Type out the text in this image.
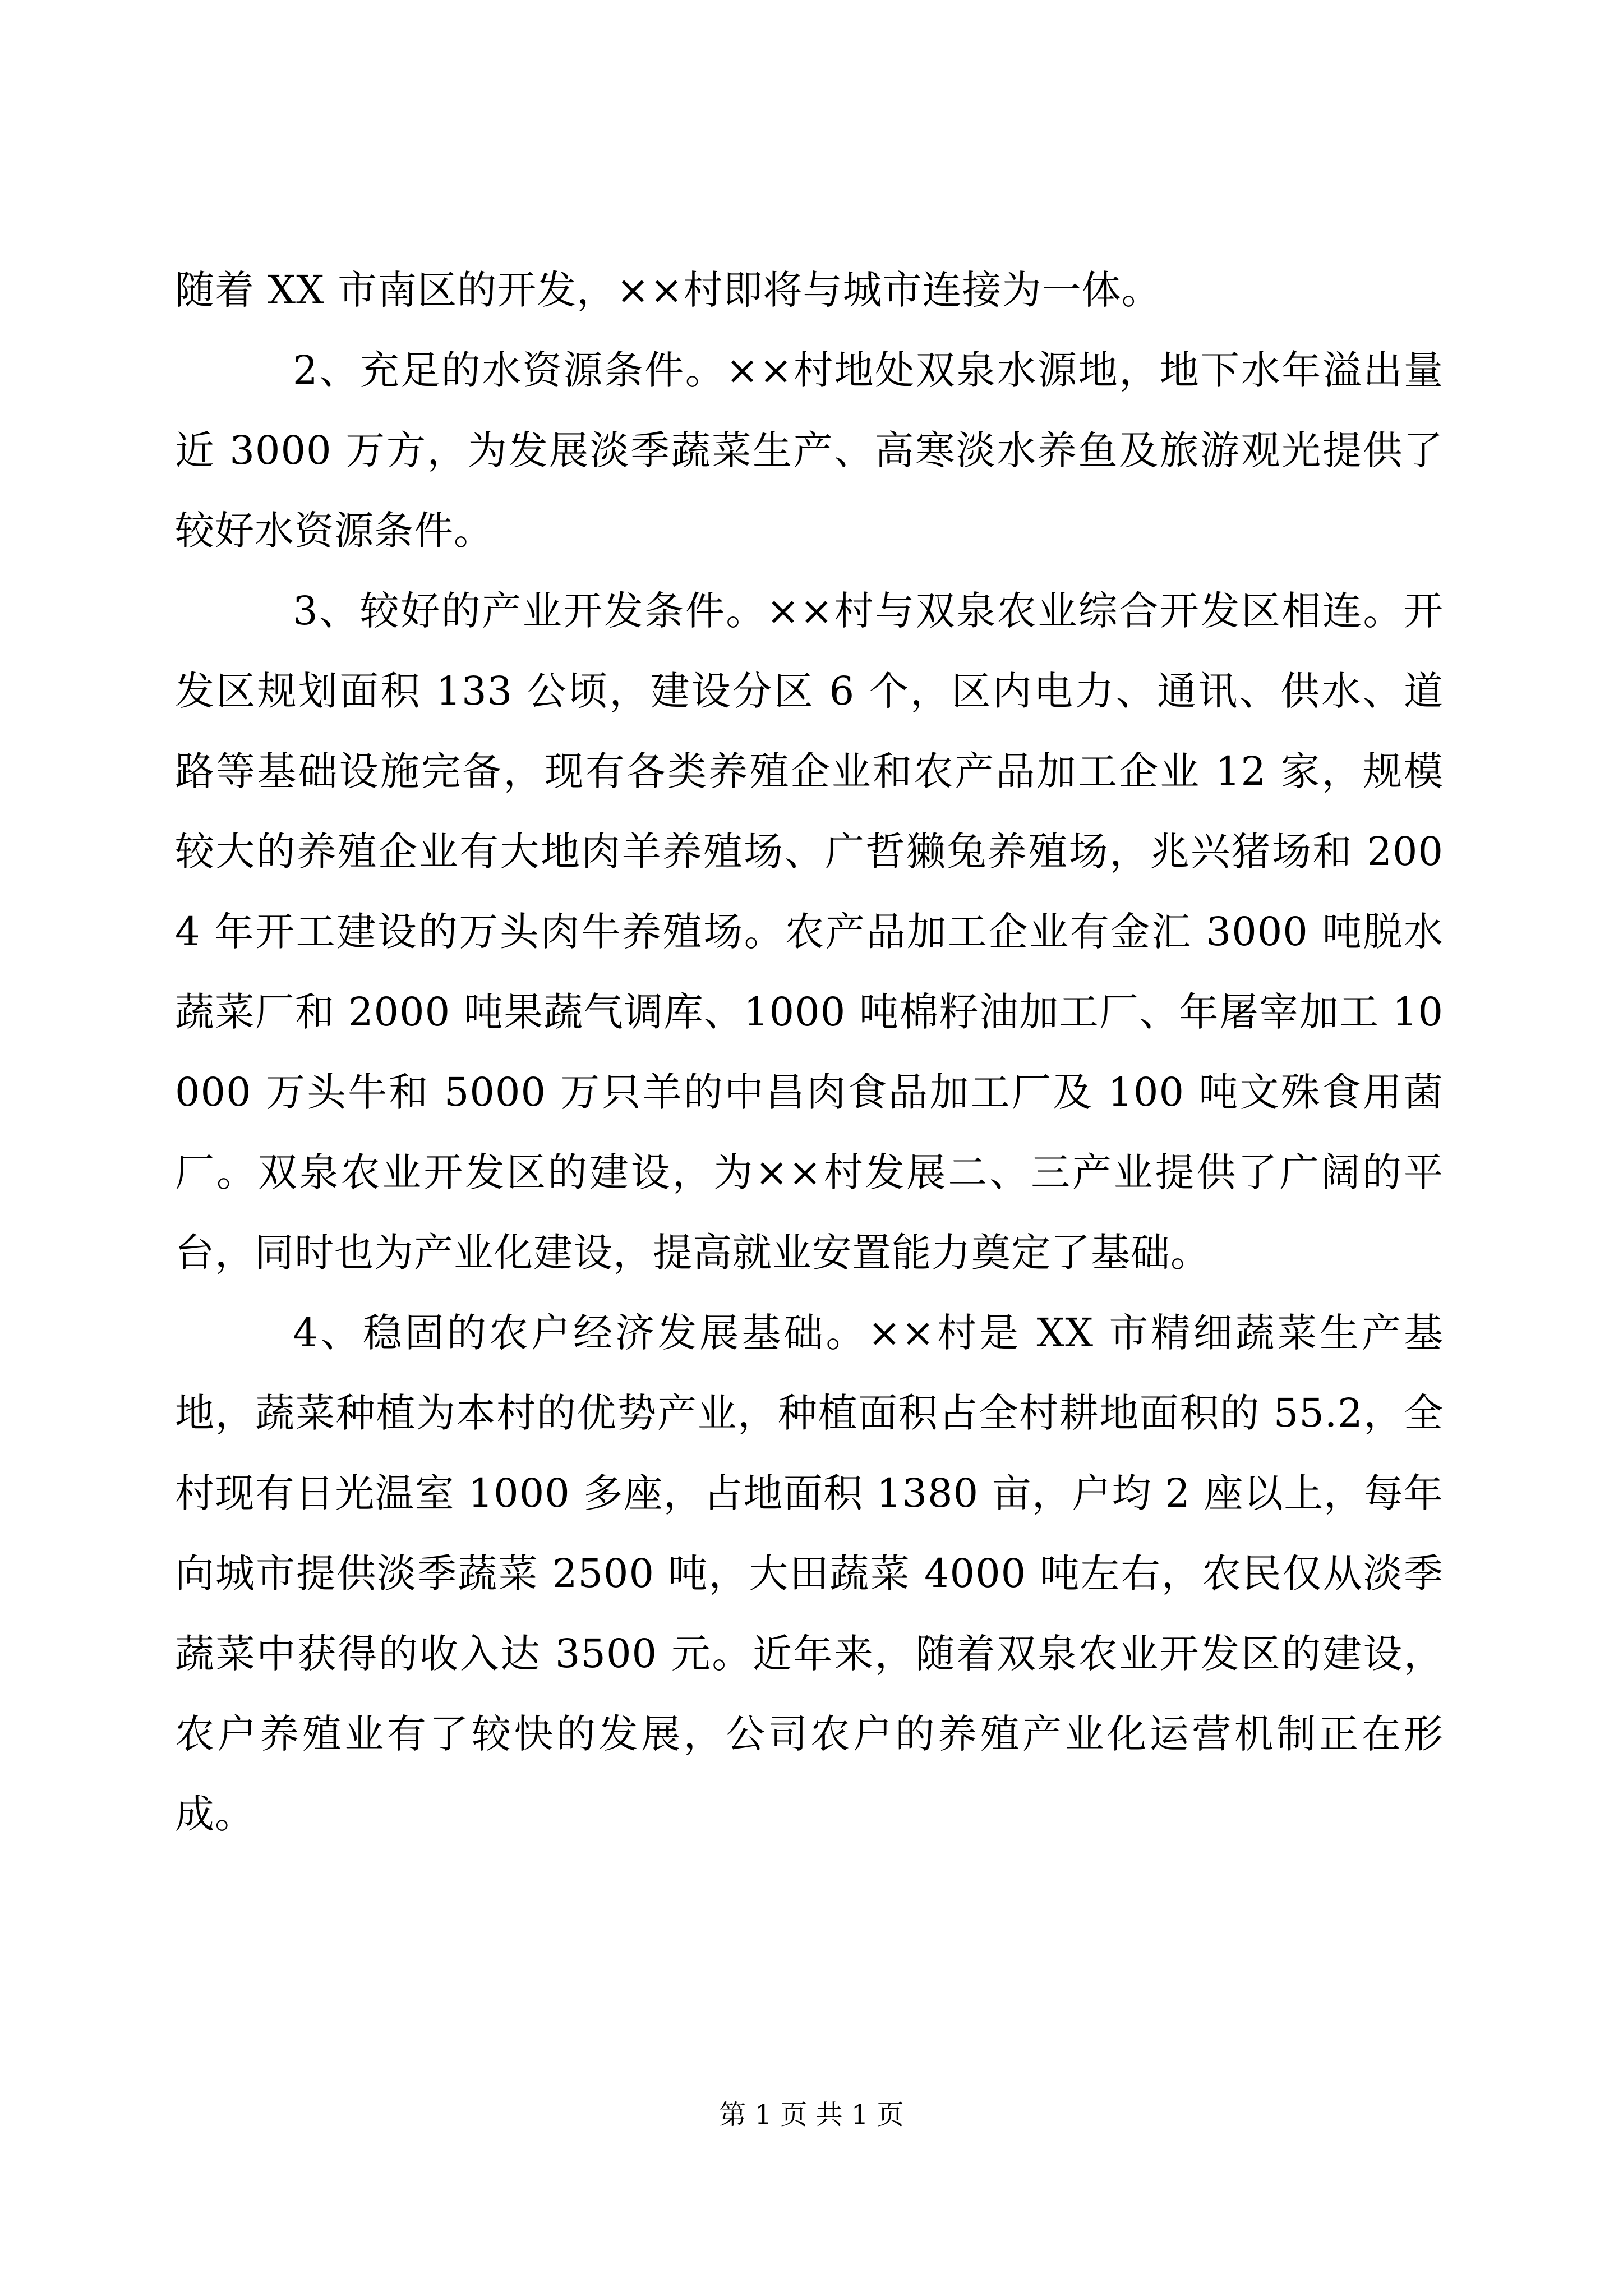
随着 XX 市南区的开发，××村即将与城市连接为一体。

2、充足的水资源条件。××村地处双泉水源地，地下水年溢出量近 3000 万方，为发展淡季蔬菜生产、高寒淡水养鱼及旅游观光提供了较好水资源条件。

3、较好的产业开发条件。××村与双泉农业综合开发区相连。开发区规划面积 133 公顷，建设分区 6 个，区内电力、通讯、供水、道路等基础设施完备，现有各类养殖企业和农产品加工企业 12 家，规模较大的养殖企业有大地肉羊养殖场、广哲獭兔养殖场，兆兴猪场和 2004 年开工建设的万头肉牛养殖场。农产品加工企业有金汇 3000 吨脱水蔬菜厂和 2000 吨果蔬气调库、1000 吨棉籽油加工厂、年屠宰加工 10000 万头牛和 5000 万只羊的中昌肉食品加工厂及 100 吨文殊食用菌厂。双泉农业开发区的建设，为××村发展二、三产业提供了广阔的平台，同时也为产业化建设，提高就业安置能力奠定了基础。

4、稳固的农户经济发展基础。××村是 XX 市精细蔬菜生产基地，蔬菜种植为本村的优势产业，种植面积占全村耕地面积的 55.2，全村现有日光温室 1000 多座，占地面积 1380 亩，户均 2 座以上，每年向城市提供淡季蔬菜 2500 吨，大田蔬菜 4000 吨左右，农民仅从淡季蔬菜中获得的收入达 3500 元。近年来，随着双泉农业开发区的建设，农户养殖业有了较快的发展，公司农户的养殖产业化运营机制正在形成。

第 1 页 共 1 页
